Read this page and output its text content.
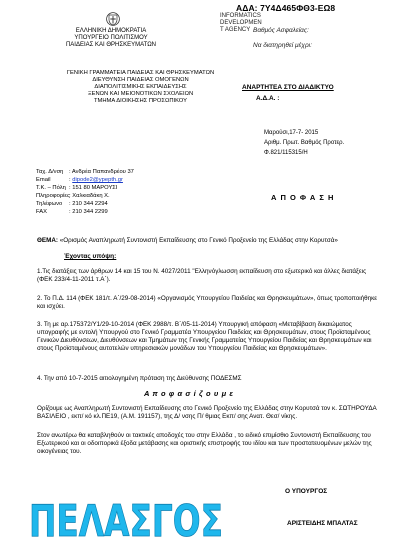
ΑΔΑ: 7Υ4Δ465ΦΘ3-ΕΩ8
INFORMATICS
DEVELOPMEN
T AGENCY Βαθμός Ασφαλείας:
Να διατηρηθεί μέχρι:
ΕΛΛΗΝΙΚΗ ΔΗΜΟΚΡΑΤΙΑ
ΥΠΟΥΡΓΕΙΟ ΠΟΛΙΤΙΣΜΟΥ
ΠΑΙΔΕΙΑΣ ΚΑΙ ΘΡΗΣΚΕΥΜΑΤΩΝ
ΓΕΝΙΚΗ ΓΡΑΜΜΑΤΕΙΑ ΠΑΙΔΕΙΑΣ ΚΑΙ ΘΡΗΣΚΕΥΜΑΤΩΝ
ΔΙΕΥΘΥΝΣΗ ΠΑΙΔΕΙΑΣ ΟΜΟΓΕΝΩΝ
ΔΙΑΠΟΛΙΤΙΣΜΙΚΗΣ ΕΚΠΑΙΔΕΥΣΗΣ
ΞΕΝΩΝ ΚΑΙ ΜΕΙΟΝΟΤΙΚΩΝ ΣΧΟΛΕΙΩΝ
ΤΜΗΜΑ ΔΙΟΙΚΗΣΗΣ ΠΡΟΣΩΠΙΚΟΥ
ΑΝΑΡΤΗΤΕΑ ΣΤΟ ΔΙΑΔΙΚΤΥΟ
Α.Δ.Α. :
Μαρούσι,17-7- 2015
Αριθμ. Πρωτ. Βαθμός Προτερ.
Φ.821/115315/Η
Ταχ. Δ/νση : Ανδρέα Παπανδρέου 37
Email	: dipode2@ypepth.gr
Τ.Κ. – Πόλη : 151 80 ΜΑΡΟΥΣΙ
Πληροφορίες: Χαλκιαδάκη Χ.
Τηλέφωνο : 210 344 2294
FAX	: 210 344 2299
Α Π Ο Φ Α Σ Η
ΘΕΜΑ: «Ορισμός Αναπληρωτή Συντονιστή Εκπαίδευσης στο Γενικό Προξενείο της Ελλάδας στην Κορυτσά»
Έχοντας υπόψη:
1.Τις διατάξεις των άρθρων 14 και 15 του Ν. 4027/2011 "Ελληνόγλωσση εκπαίδευση στο εξωτερικό και άλλες διατάξεις (ΦΕΚ 233/4-11-2011 τ.Α΄).
2. Το Π.Δ. 114 (ΦΕΚ 181/τ. Α΄/29-08-2014) «Οργανισμός Υπουργείου Παιδείας και Θρησκευμάτων», όπως τροποποιήθηκε και ισχύει.
3. Τη με αρ.175372/Υ1/29-10-2014 (ΦΕΚ 2988/τ. Β΄/05-11-2014) Υπουργική απόφαση «Μεταβίβαση δικαιώματος υπογραφής με εντολή Υπουργού στο Γενικό Γραμματέα Υπουργείου Παιδείας και Θρησκευμάτων, στους Προϊσταμένους Γενικών Διευθύνσεων, Διευθύνσεων και Τμημάτων της Γενικής Γραμματείας Υπουργείου Παιδείας και Θρησκευμάτων και στους Προϊσταμένους αυτοτελών υπηρεσιακών μονάδων του Υπουργείου Παιδείας και Θρησκευμάτων».
4. Την από 10-7-2015 αιτιολογημένη πρόταση της Διεύθυνσης ΠΟΔΕΣΜΣ
Α π ο φ α σ ί ζ ο υ μ ε
Ορίζουμε ως Αναπληρωτή Συντονιστή Εκπαίδευσης στο Γενικό Προξενείο της Ελλάδας στην Κορυτσά τον κ. ΣΩΤΗΡΟΥΔΑ ΒΑΣΙΛΕΙΟ , εκπ/ κό κλ.ΠΕ19, (Α.Μ. 191157), της Δ/ νσης Π/ θμιας Εκπ/ σης Ανατ. Θεσ/ νίκης.
Στον ανωτέρω θα καταβληθούν οι τακτικές αποδοχές του στην Ελλάδα , το ειδικό επιμίσθιο Συντονιστή Εκπαίδευσης του Εξωτερικού και οι οδοιπορικά έξοδα μετάβασης και οριστικής επιστροφής του ιδίου και των προστατευομένων μελών της οικογένειας του.
Ο ΥΠΟΥΡΓΟΣ
ΑΡΙΣΤΕΙΔΗΣ ΜΠΑΛΤΑΣ
ΠΕΛΑΣΓΟΣ
